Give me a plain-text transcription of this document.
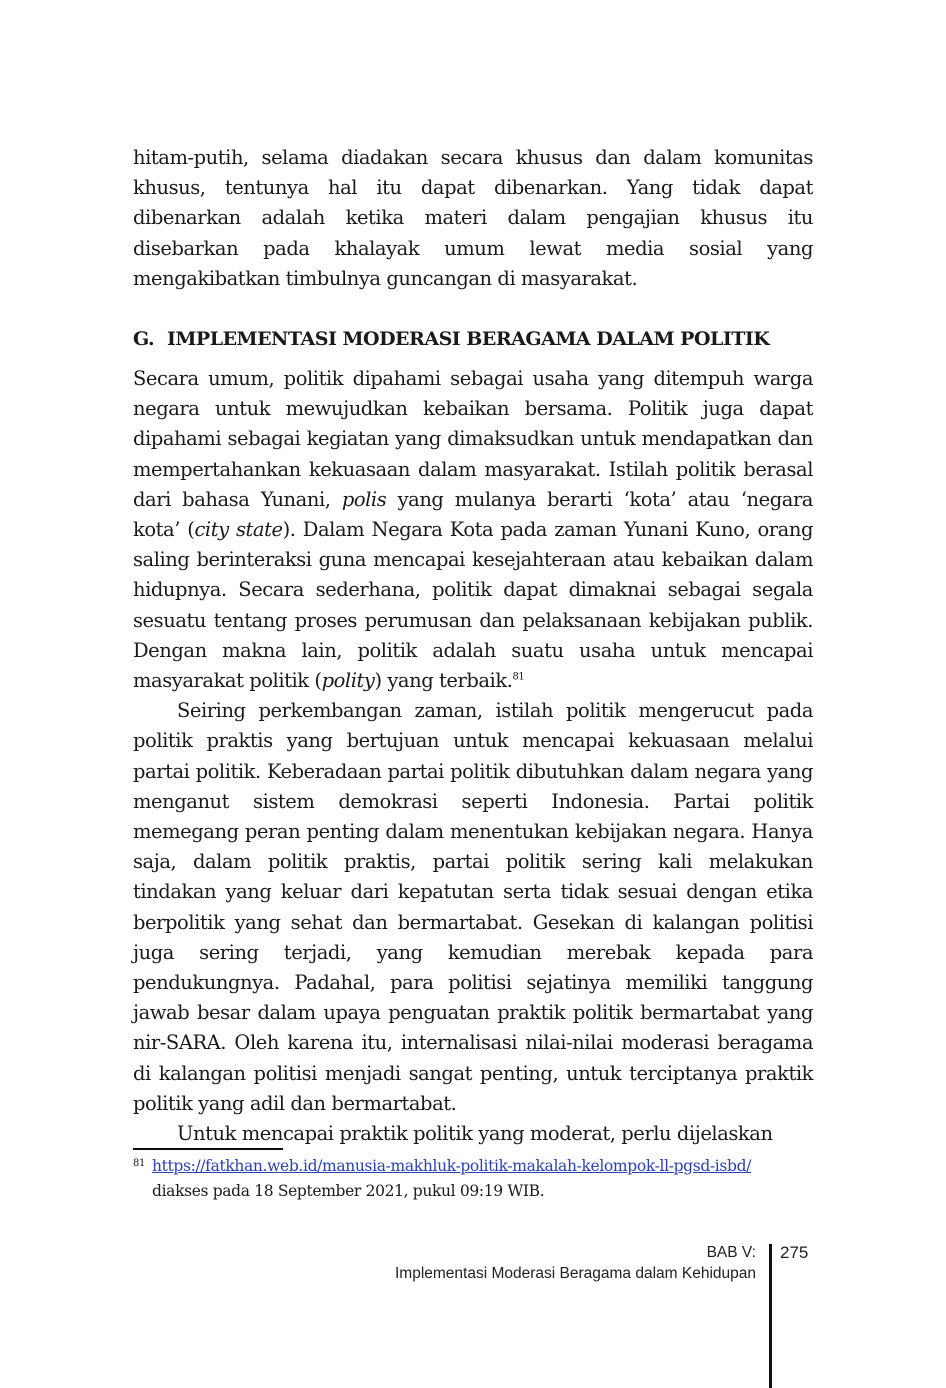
hitam-putih, selama diadakan secara khusus dan dalam komunitas khusus, tentunya hal itu dapat dibenarkan. Yang tidak dapat dibenarkan adalah ketika materi dalam pengajian khusus itu disebarkan pada khalayak umum lewat media sosial yang mengakibatkan timbulnya guncangan di masyarakat.

G. IMPLEMENTASI MODERASI BERAGAMA DALAM POLITIK

Secara umum, politik dipahami sebagai usaha yang ditempuh warga negara untuk mewujudkan kebaikan bersama. Politik juga dapat dipahami sebagai kegiatan yang dimaksudkan untuk mendapatkan dan mempertahankan kekuasaan dalam masyarakat. Istilah politik berasal dari bahasa Yunani, polis yang mulanya berarti ‘kota’ atau ‘negara kota’ (city state). Dalam Negara Kota pada zaman Yunani Kuno, orang saling berinteraksi guna mencapai kesejahteraan atau kebaikan dalam hidupnya. Secara sederhana, politik dapat dimaknai sebagai segala sesuatu tentang proses perumusan dan pelaksanaan kebijakan publik. Dengan makna lain, politik adalah suatu usaha untuk mencapai masyarakat politik (polity) yang terbaik.$^{81}$

Seiring perkembangan zaman, istilah politik mengerucut pada politik praktis yang bertujuan untuk mencapai kekuasaan melalui partai politik. Keberadaan partai politik dibutuhkan dalam negara yang menganut sistem demokrasi seperti Indonesia. Partai politik memegang peran penting dalam menentukan kebijakan negara. Hanya saja, dalam politik praktis, partai politik sering kali melakukan tindakan yang keluar dari kepatutan serta tidak sesuai dengan etika berpolitik yang sehat dan bermartabat. Gesekan di kalangan politisi juga sering terjadi, yang kemudian merebak kepada para pendukungnya. Padahal, para politisi sejatinya memiliki tanggung jawab besar dalam upaya penguatan praktik politik bermartabat yang nir-SARA. Oleh karena itu, internalisasi nilai-nilai moderasi beragama di kalangan politisi menjadi sangat penting, untuk terciptanya praktik politik yang adil dan bermartabat.

Untuk mencapai praktik politik yang moderat, perlu dijelaskan

81 https://fatkhan.web.id/manusia-makhluk-politik-makalah-kelompok-ll-pgsd-isbd/
diakses pada 18 September 2021, pukul 09:19 WIB.
BAB V:
Implementasi Moderasi Beragama dalam Kehidupan
275
